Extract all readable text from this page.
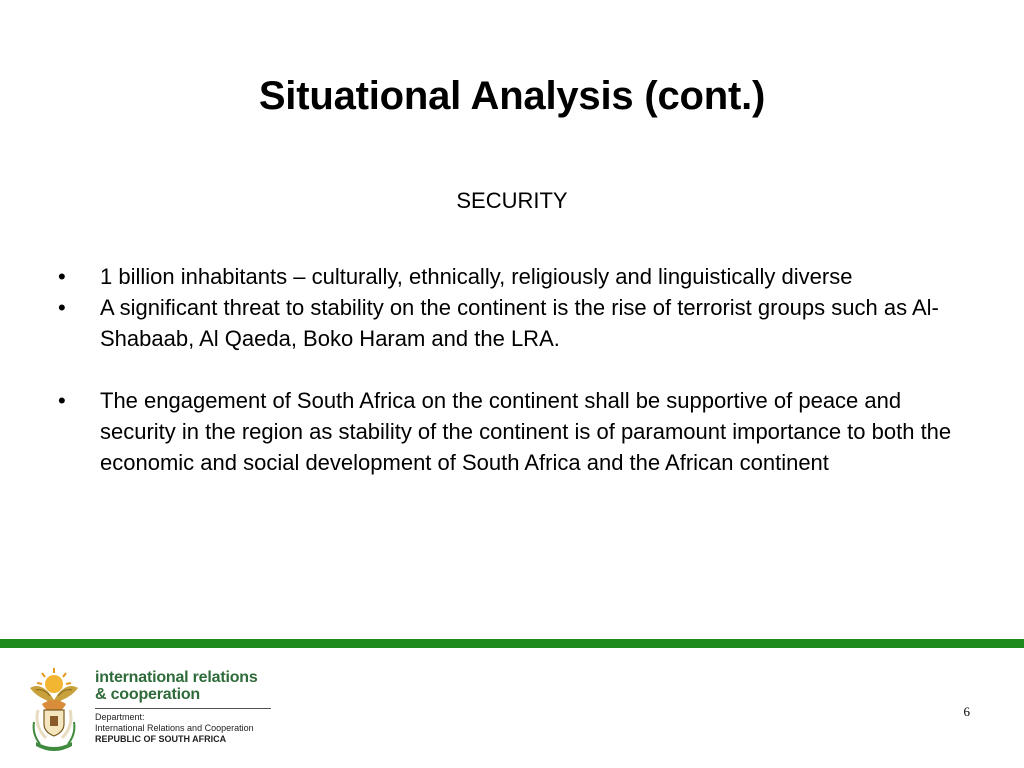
Situational Analysis (cont.)
SECURITY
• 1 billion inhabitants – culturally, ethnically, religiously and linguistically diverse
• A significant threat to stability on the continent is the rise of terrorist groups such as Al-Shabaab, Al Qaeda, Boko Haram and the LRA.
• The engagement of South Africa on the continent shall be supportive of peace and security in the region as stability of the continent is of paramount importance to both the economic and social development of South Africa and the African continent
international relations
& cooperation
Department:
International Relations and Cooperation
REPUBLIC OF SOUTH AFRICA
6
